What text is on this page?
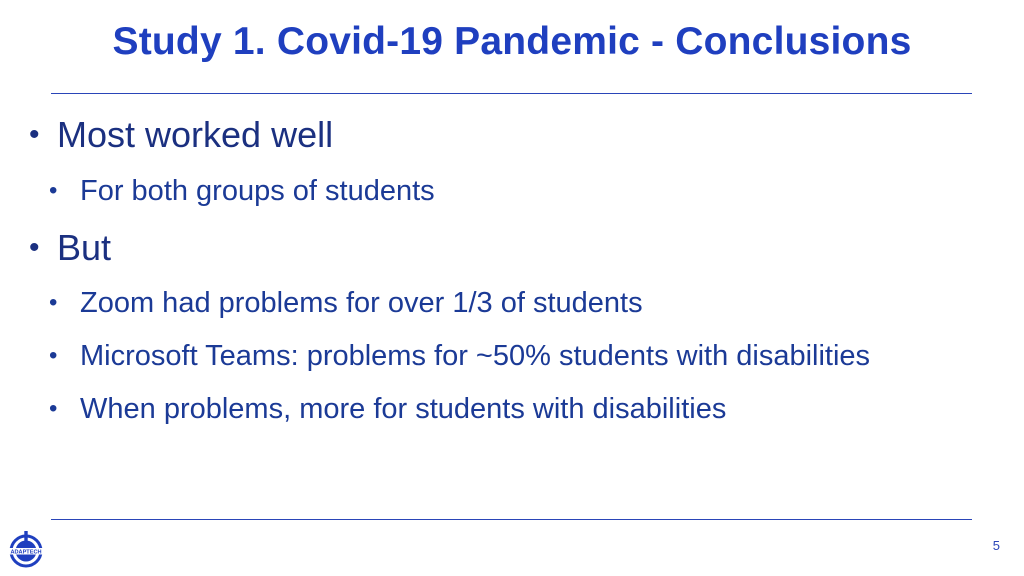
Study 1. Covid-19 Pandemic - Conclusions
• Most worked well
• For both groups of students
• But
• Zoom had problems for over 1/3 of students
• Microsoft Teams: problems for ~50% students with disabilities
• When problems, more for students with disabilities
ADAPTECH	5
